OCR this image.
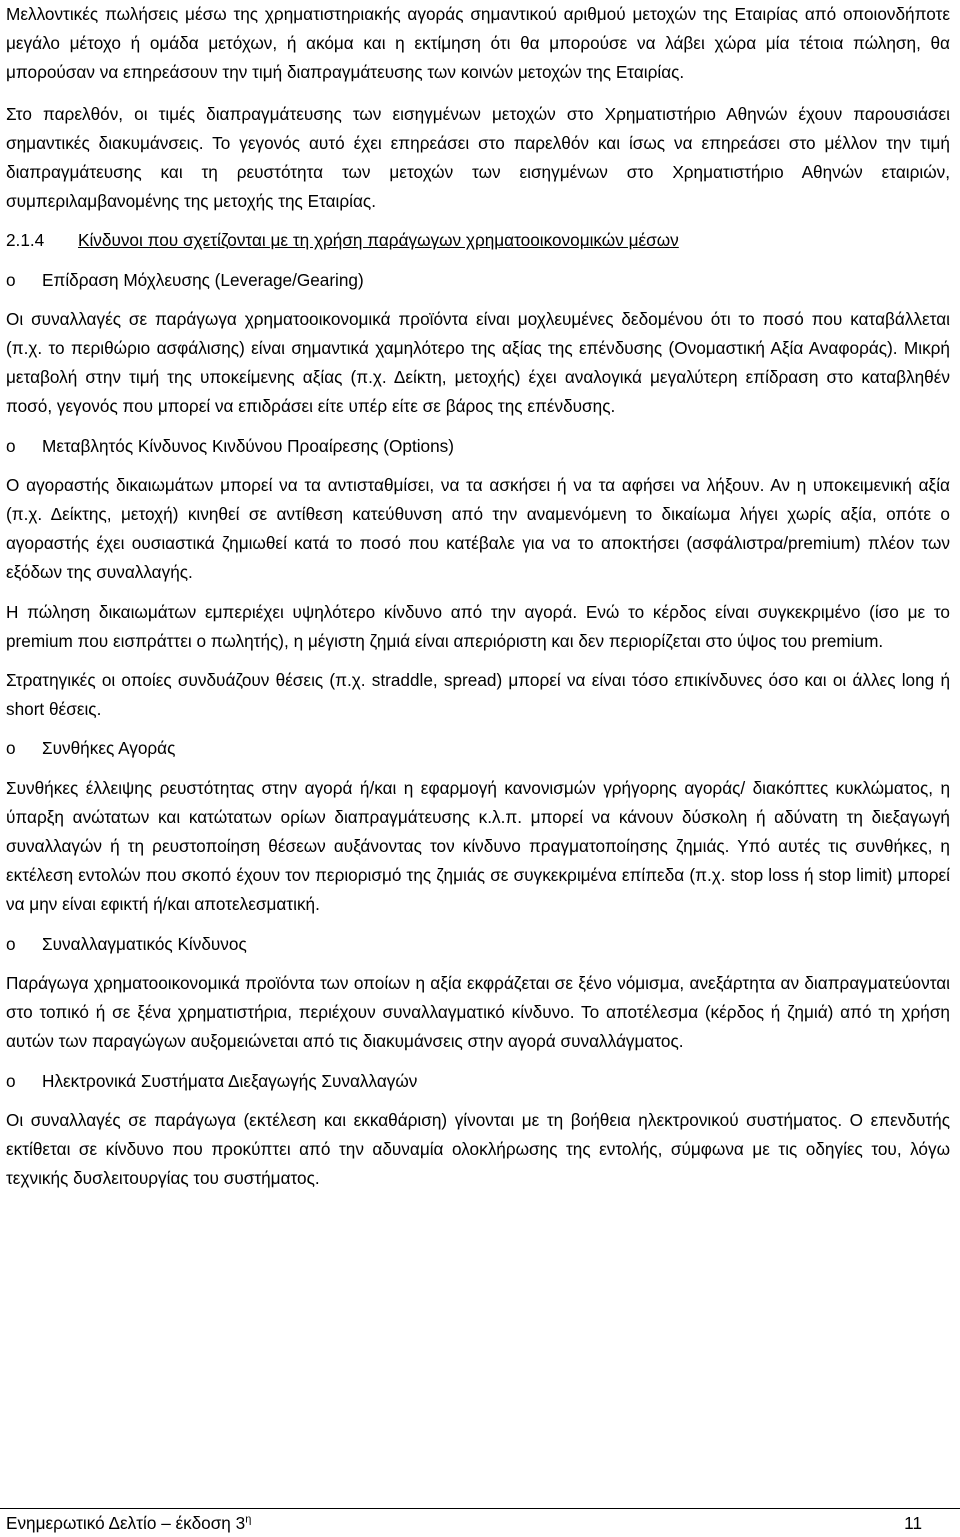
Μελλοντικές πωλήσεις μέσω της χρηματιστηριακής αγοράς σημαντικού αριθμού μετοχών της Εταιρίας από οποιονδήποτε μεγάλο μέτοχο ή ομάδα μετόχων, ή ακόμα και η εκτίμηση ότι θα μπορούσε να λάβει χώρα μία τέτοια πώληση, θα μπορούσαν να επηρεάσουν την τιμή διαπραγμάτευσης των κοινών μετοχών της Εταιρίας.

Στο παρελθόν, οι τιμές διαπραγμάτευσης των εισηγμένων μετοχών στο Χρηματιστήριο Αθηνών έχουν παρουσιάσει σημαντικές διακυμάνσεις. Το γεγονός αυτό έχει επηρεάσει στο παρελθόν και ίσως να επηρεάσει στο μέλλον την τιμή διαπραγμάτευσης και τη ρευστότητα των μετοχών των εισηγμένων στο Χρηματιστήριο Αθηνών εταιριών, συμπεριλαμβανομένης της μετοχής της Εταιρίας.

2.1.4	Κίνδυνοι που σχετίζονται με τη χρήση παράγωγων χρηματοοικονομικών μέσων
o	Επίδραση Μόχλευσης (Leverage/Gearing)

Οι συναλλαγές σε παράγωγα χρηματοοικονομικά προϊόντα είναι μοχλευμένες δεδομένου ότι το ποσό που καταβάλλεται (π.χ. το περιθώριο ασφάλισης) είναι σημαντικά χαμηλότερο της αξίας της επένδυσης (Ονομαστική Αξία Αναφοράς). Μικρή μεταβολή στην τιμή της υποκείμενης αξίας (π.χ. Δείκτη, μετοχής) έχει αναλογικά μεγαλύτερη επίδραση στο καταβληθέν ποσό, γεγονός που μπορεί να επιδράσει είτε υπέρ είτε σε βάρος της επένδυσης.

o	Μεταβλητός Κίνδυνος Κινδύνου Προαίρεσης (Options)

Ο αγοραστής δικαιωμάτων μπορεί να τα αντισταθμίσει, να τα ασκήσει ή να τα αφήσει να λήξουν. Αν η υποκειμενική αξία (π.χ. Δείκτης, μετοχή) κινηθεί σε αντίθεση κατεύθυνση από την αναμενόμενη το δικαίωμα λήγει χωρίς αξία, οπότε ο αγοραστής έχει ουσιαστικά ζημιωθεί κατά το ποσό που κατέβαλε για να το αποκτήσει (ασφάλιστρα/premium) πλέον των εξόδων της συναλλαγής.

Η πώληση δικαιωμάτων εμπεριέχει υψηλότερο κίνδυνο από την αγορά. Ενώ το κέρδος είναι συγκεκριμένο (ίσο με το premium που εισπράττει ο πωλητής), η μέγιστη ζημιά είναι απεριόριστη και δεν περιορίζεται στο ύψος του premium.

Στρατηγικές οι οποίες συνδυάζουν θέσεις (π.χ. straddle, spread) μπορεί να είναι τόσο επικίνδυνες όσο και οι άλλες long ή short θέσεις.

o	Συνθήκες Αγοράς

Συνθήκες έλλειψης ρευστότητας στην αγορά ή/και η εφαρμογή κανονισμών γρήγορης αγοράς/ διακόπτες κυκλώματος, η ύπαρξη ανώτατων και κατώτατων ορίων διαπραγμάτευσης κ.λ.π. μπορεί να κάνουν δύσκολη ή αδύνατη τη διεξαγωγή συναλλαγών ή τη ρευστοποίηση θέσεων αυξάνοντας τον κίνδυνο πραγματοποίησης ζημιάς. Υπό αυτές τις συνθήκες, η εκτέλεση εντολών που σκοπό έχουν τον περιορισμό της ζημιάς σε συγκεκριμένα επίπεδα (π.χ. stop loss ή stop limit) μπορεί να μην είναι εφικτή ή/και αποτελεσματική.

o	Συναλλαγματικός Κίνδυνος

Παράγωγα χρηματοοικονομικά προϊόντα των οποίων η αξία εκφράζεται σε ξένο νόμισμα, ανεξάρτητα αν διαπραγματεύονται στο τοπικό ή σε ξένα χρηματιστήρια, περιέχουν συναλλαγματικό κίνδυνο. Το αποτέλεσμα (κέρδος ή ζημιά) από τη χρήση αυτών των παραγώγων αυξομειώνεται από τις διακυμάνσεις στην αγορά συναλλάγματος.

o	Ηλεκτρονικά Συστήματα Διεξαγωγής Συναλλαγών

Οι συναλλαγές σε παράγωγα (εκτέλεση και εκκαθάριση) γίνονται με τη βοήθεια ηλεκτρονικού συστήματος. Ο επενδυτής εκτίθεται σε κίνδυνο που προκύπτει από την αδυναμία ολοκλήρωσης της εντολής, σύμφωνα με τις οδηγίες του, λόγω τεχνικής δυσλειτουργίας του συστήματος.

Ενημερωτικό Δελτίο – έκδοση $3^\eta$	11
